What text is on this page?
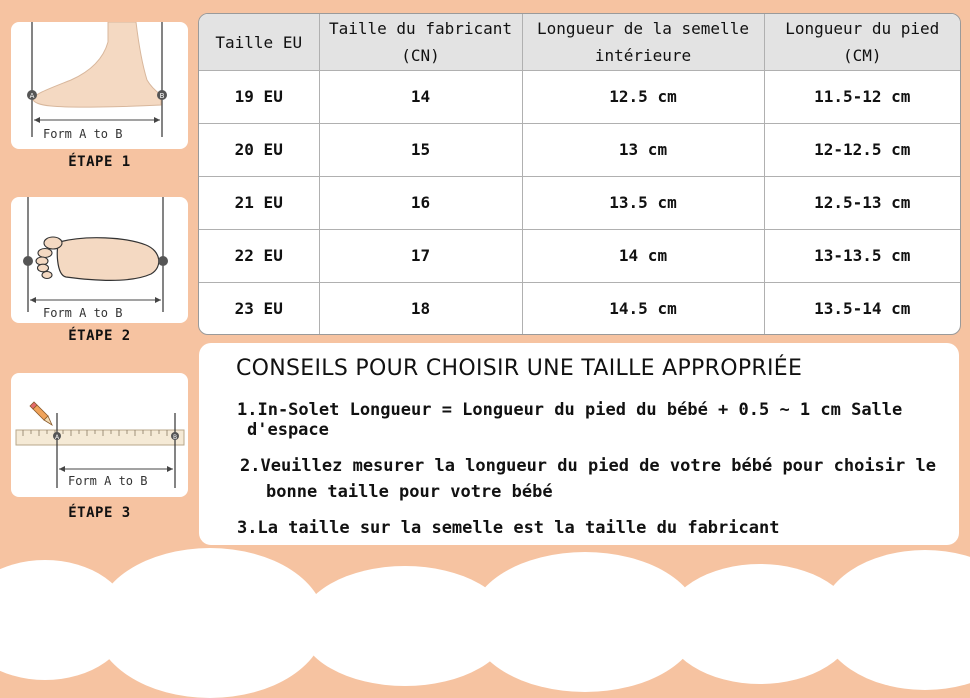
A	B
Form A to B
ÉTAPE 1
Form A to B
ÉTAPE 2
A	B
Form A to B
ÉTAPE 3
Taille EU	Taille du fabricant (CN)	Longueur de la semelle intérieure	Longueur du pied (CM)
19 EU	14	12.5 cm	11.5-12 cm
20 EU	15	13 cm	12-12.5 cm
21 EU	16	13.5 cm	12.5-13 cm
22 EU	17	14 cm	13-13.5 cm
23 EU	18	14.5 cm	13.5-14 cm
CONSEILS POUR CHOISIR UNE TAILLE APPROPRIÉE
1.In-Solet Longueur = Longueur du pied du bébé + 0.5 ~ 1 cm Salle
d'espace
2.Veuillez mesurer la longueur du pied de votre bébé pour choisir le
bonne taille pour votre bébé
3.La taille sur la semelle est la taille du fabricant
